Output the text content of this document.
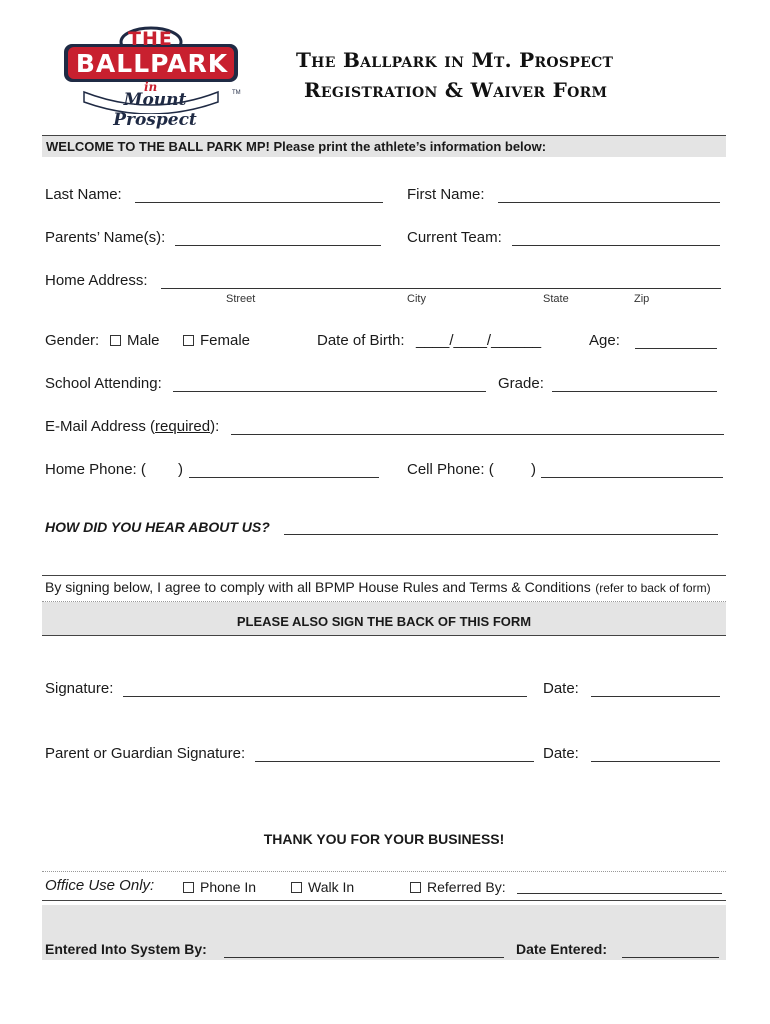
THE
BALLPARK
in
Mount Prospect
TM
The Ballpark in Mt. Prospect
Registration & Waiver Form
WELCOME TO THE BALL PARK MP! Please print the athlete’s information below:
Last Name:	First Name:
Parents’ Name(s):	Current Team:
Home Address:
Street	City	State	Zip
Gender:	Male	Female	Date of Birth: ____/____/______	Age:
School Attending:	Grade:
E-Mail Address (required):
Home Phone: ( )	Cell Phone: ( )
HOW DID YOU HEAR ABOUT US?
By signing below, I agree to comply with all BPMP House Rules and Terms & Conditions (refer to back of form)
PLEASE ALSO SIGN THE BACK OF THIS FORM
Signature:	Date:
Parent or Guardian Signature:	Date:
THANK YOU FOR YOUR BUSINESS!
Office Use Only:	Phone In	Walk In	Referred By:
Entered Into System By:	Date Entered:
